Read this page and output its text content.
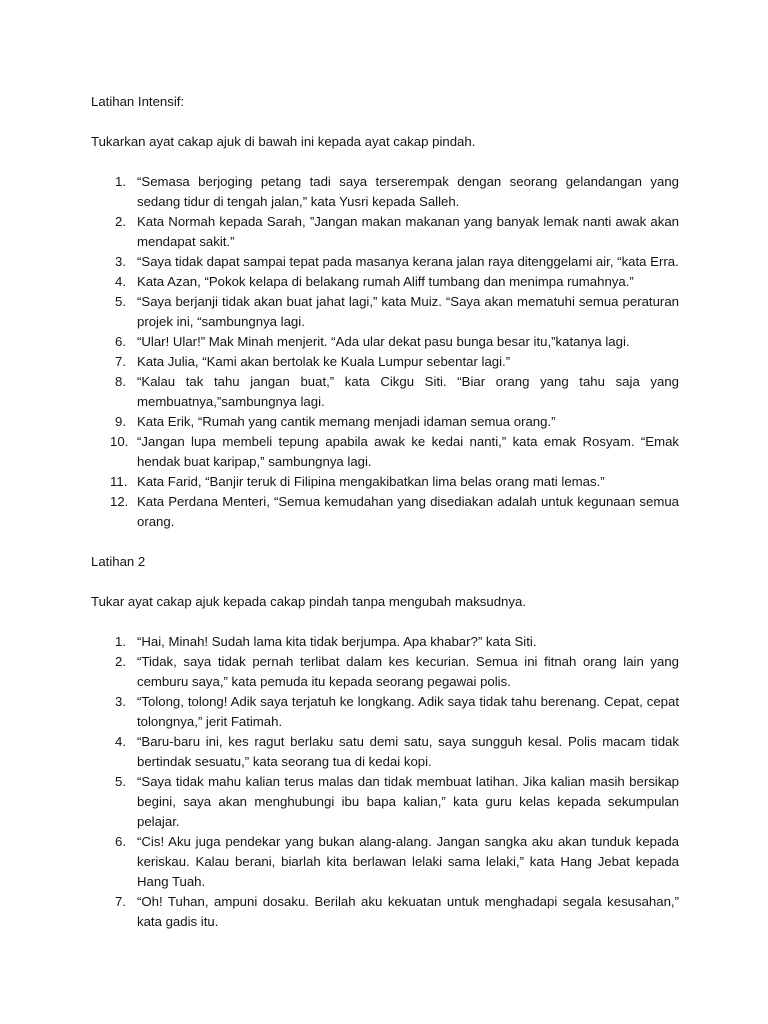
Latihan Intensif:
Tukarkan ayat cakap ajuk di bawah ini kepada ayat cakap pindah.
1. “Semasa berjoging petang tadi saya terserempak dengan seorang gelandangan yang sedang tidur di tengah jalan,” kata Yusri kepada Salleh.
2. Kata Normah kepada Sarah, ”Jangan makan makanan yang banyak lemak nanti awak akan mendapat sakit.”
3. “Saya tidak dapat sampai tepat pada masanya kerana jalan raya ditenggelami air, “kata Erra.
4. Kata Azan, “Pokok kelapa di belakang rumah Aliff tumbang dan menimpa rumahnya.”
5. “Saya berjanji tidak akan buat jahat lagi,” kata Muiz. “Saya akan mematuhi semua peraturan projek ini, “sambungnya lagi.
6. “Ular! Ular!” Mak Minah menjerit. “Ada ular dekat pasu bunga besar itu,”katanya lagi.
7. Kata Julia, “Kami akan bertolak ke Kuala Lumpur sebentar lagi.”
8. “Kalau tak tahu jangan buat,” kata Cikgu Siti. “Biar orang yang tahu saja yang membuatnya,”sambungnya lagi.
9. Kata Erik, “Rumah yang cantik memang menjadi idaman semua orang.”
10. “Jangan lupa membeli tepung apabila awak ke kedai nanti,” kata emak Rosyam. “Emak hendak buat karipap,” sambungnya lagi.
11. Kata Farid, “Banjir teruk di Filipina mengakibatkan lima belas orang mati lemas.”
12. Kata Perdana Menteri, “Semua kemudahan yang disediakan adalah untuk kegunaan semua orang.
Latihan 2
Tukar ayat cakap ajuk kepada cakap pindah tanpa mengubah maksudnya.
1. “Hai, Minah! Sudah lama kita tidak berjumpa. Apa khabar?” kata Siti.
2. “Tidak, saya tidak pernah terlibat dalam kes kecurian. Semua ini fitnah orang lain yang cemburu saya,” kata pemuda itu kepada seorang pegawai polis.
3. “Tolong, tolong! Adik saya terjatuh ke longkang. Adik saya tidak tahu berenang. Cepat, cepat tolongnya,” jerit Fatimah.
4. “Baru-baru ini, kes ragut berlaku satu demi satu, saya sungguh kesal. Polis macam tidak bertindak sesuatu,” kata seorang tua di kedai kopi.
5. “Saya tidak mahu kalian terus malas dan tidak membuat latihan. Jika kalian masih bersikap begini, saya akan menghubungi ibu bapa kalian,” kata guru kelas kepada sekumpulan pelajar.
6. “Cis! Aku juga pendekar yang bukan alang-alang. Jangan sangka aku akan tunduk kepada keriskau. Kalau berani, biarlah kita berlawan lelaki sama lelaki,” kata Hang Jebat kepada Hang Tuah.
7. “Oh! Tuhan, ampuni dosaku. Berilah aku kekuatan untuk menghadapi segala kesusahan,” kata gadis itu.
